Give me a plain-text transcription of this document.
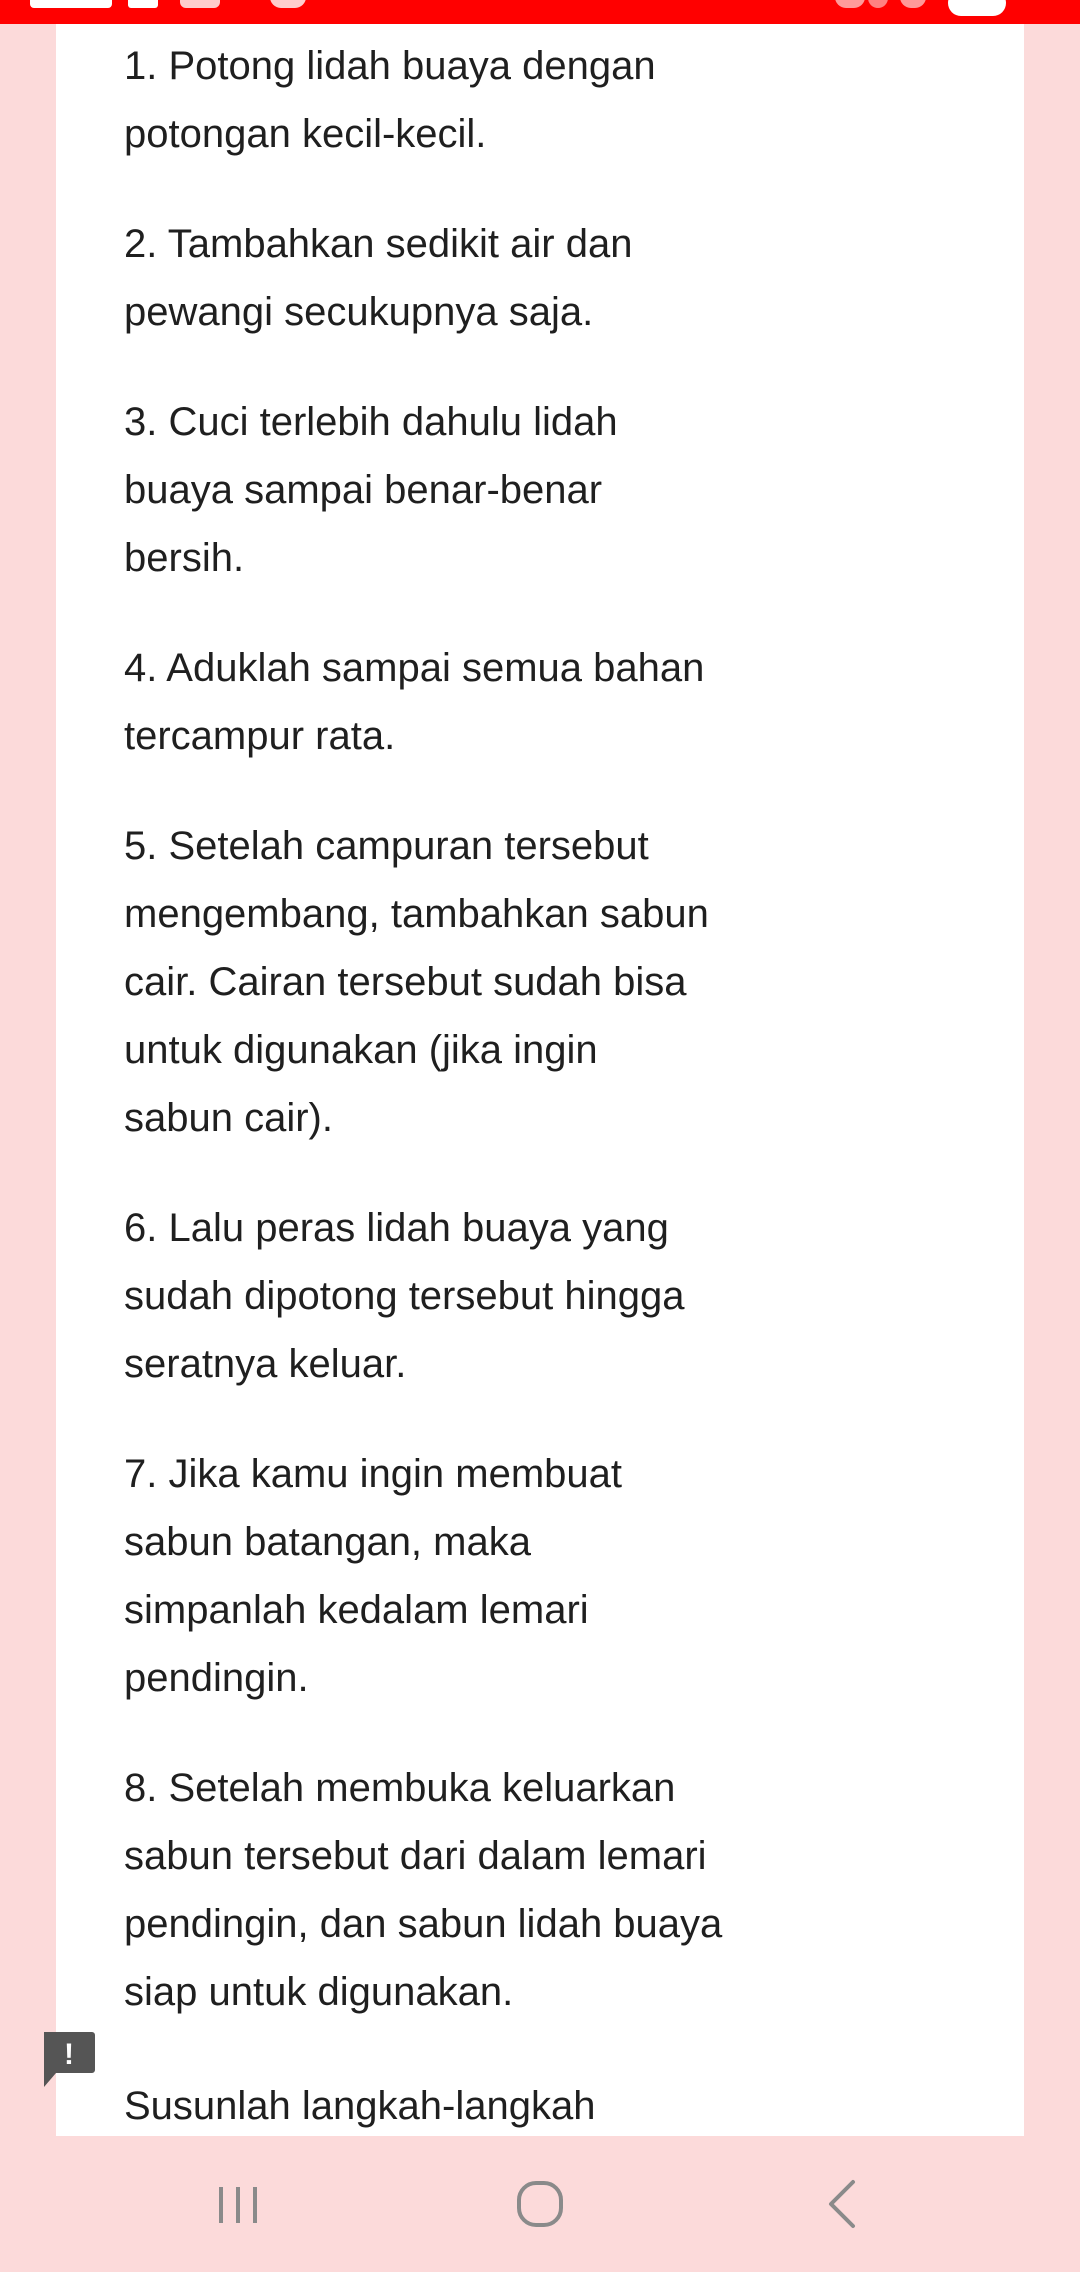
1. Potong lidah buaya dengan
potongan kecil-kecil.
2. Tambahkan sedikit air dan
pewangi secukupnya saja.
3. Cuci terlebih dahulu lidah
buaya sampai benar-benar
bersih.
4. Aduklah sampai semua bahan
tercampur rata.
5. Setelah campuran tersebut
mengembang, tambahkan sabun
cair. Cairan tersebut sudah bisa
untuk digunakan (jika ingin
sabun cair).
6. Lalu peras lidah buaya yang
sudah dipotong tersebut hingga
seratnya keluar.
7. Jika kamu ingin membuat
sabun batangan, maka
simpanlah kedalam lemari
pendingin.
8. Setelah membuka keluarkan
sabun tersebut dari dalam lemari
pendingin, dan sabun lidah buaya
siap untuk digunakan.
!
Susunlah langkah-langkah
